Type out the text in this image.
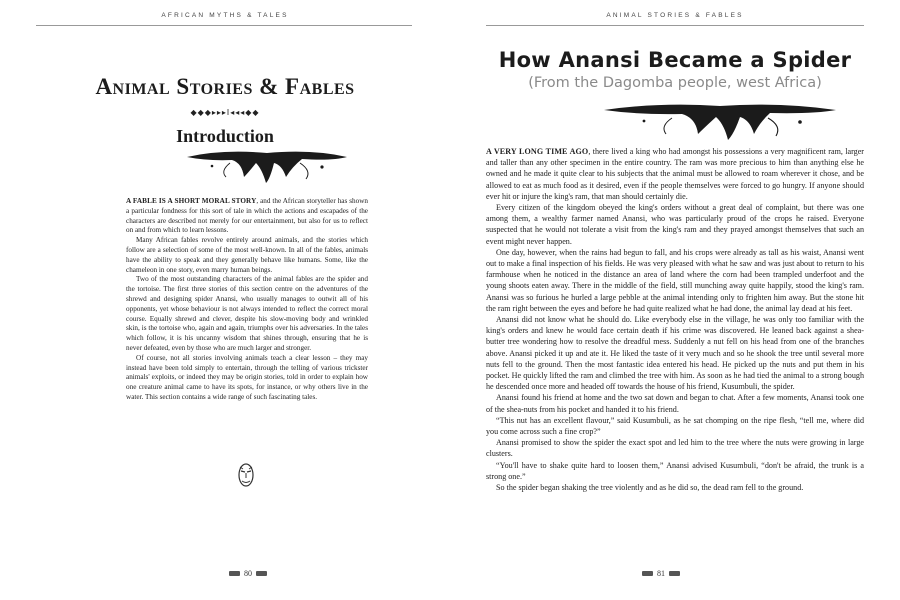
AFRICAN MYTHS & TALES
Animal Stories & Fables
◆◆◆▸▸▸ǁ◂◂◂◆◆
Introduction

A FABLE IS A SHORT MORAL STORY, and the African storyteller has shown a particular fondness for this sort of tale in which the actions and escapades of the characters are described not merely for our entertainment, but also for us to reflect on and from which to learn lessons.

Many African fables revolve entirely around animals, and the stories which follow are a selection of some of the most well-known. In all of the fables, animals have the ability to speak and they generally behave like humans. Some, like the chameleon in one story, even marry human beings.

Two of the most outstanding characters of the animal fables are the spider and the tortoise. The first three stories of this section centre on the adventures of the shrewd and designing spider Anansi, who usually manages to outwit all of his opponents, yet whose behaviour is not always intended to reflect the correct moral course. Equally shrewd and clever, despite his slow-moving body and wrinkled skin, is the tortoise who, again and again, triumphs over his adversaries. In the tales which follow, it is his uncanny wisdom that shines through, ensuring that he is never defeated, even by those who are much larger and stronger.

Of course, not all stories involving animals teach a clear lesson – they may instead have been told simply to entertain, through the telling of various trickster animals' exploits, or indeed they may be origin stories, told in order to explain how one creature animal came to have its spots, for instance, or why others live in the water. This section contains a wide range of such fascinating tales.

80
ANIMAL STORIES & FABLES
How Anansi Became a Spider
(From the Dagomba people, west Africa)

A VERY LONG TIME AGO, there lived a king who had amongst his possessions a very magnificent ram, larger and taller than any other specimen in the entire country. The ram was more precious to him than anything else he owned and he made it quite clear to his subjects that the animal must be allowed to roam wherever it chose, and be allowed to eat as much food as it desired, even if the people themselves were forced to go hungry. If anyone should ever hit or injure the king's ram, that man should certainly die.

Every citizen of the kingdom obeyed the king's orders without a great deal of complaint, but there was one among them, a wealthy farmer named Anansi, who was particularly proud of the crops he raised. Everyone suspected that he would not tolerate a visit from the king's ram and they prayed amongst themselves that such an event might never happen.

One day, however, when the rains had begun to fall, and his crops were already as tall as his waist, Anansi went out to make a final inspection of his fields. He was very pleased with what he saw and was just about to return to his farmhouse when he noticed in the distance an area of land where the corn had been trampled underfoot and the young shoots eaten away. There in the middle of the field, still munching away quite happily, stood the king's ram. Anansi was so furious he hurled a large pebble at the animal intending only to frighten him away. But the stone hit the ram right between the eyes and before he had quite realized what he had done, the animal lay dead at his feet.

Anansi did not know what he should do. Like everybody else in the village, he was only too familiar with the king's orders and knew he would face certain death if his crime was discovered. He leaned back against a shea-butter tree wondering how to resolve the dreadful mess. Suddenly a nut fell on his head from one of the branches above. Anansi picked it up and ate it. He liked the taste of it very much and so he shook the tree until several more nuts fell to the ground. Then the most fantastic idea entered his head. He picked up the nuts and put them in his pocket. He quickly lifted the ram and climbed the tree with him. As soon as he had tied the animal to a strong bough he descended once more and headed off towards the house of his friend, Kusumbuli, the spider.

Anansi found his friend at home and the two sat down and began to chat. After a few moments, Anansi took one of the shea-nuts from his pocket and handed it to his friend.

“This nut has an excellent flavour,” said Kusumbuli, as he sat chomping on the ripe flesh, “tell me, where did you come across such a fine crop?”

Anansi promised to show the spider the exact spot and led him to the tree where the nuts were growing in large clusters.

“You'll have to shake quite hard to loosen them,” Anansi advised Kusumbuli, “don't be afraid, the trunk is a strong one.”

So the spider began shaking the tree violently and as he did so, the dead ram fell to the ground.

81
